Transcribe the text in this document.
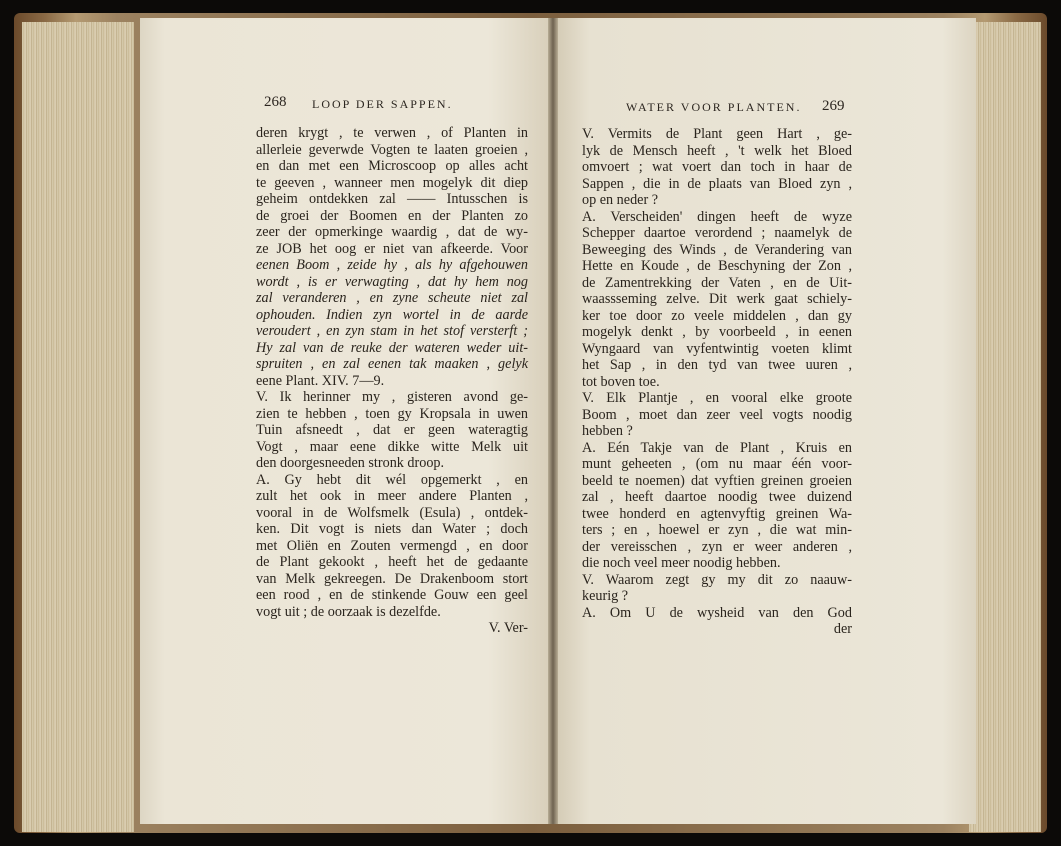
268 LOOP DER SAPPEN.	WATER VOOR PLANTEN. 269
deren krygt , te verwen , of Planten in
allerleie geverwde Vogten te laaten groeien ,
en dan met een Microscoop op alles acht
te geeven , wanneer men mogelyk dit diep
geheim ontdekken zal —— Intusschen is
de groei der Boomen en der Planten zo
zeer der opmerkinge waardig , dat de wy-
ze JOB het oog er niet van afkeerde. Voor
eenen Boom , zeide hy , als hy afgehouwen
wordt , is er verwagting , dat hy hem nog
zal veranderen , en zyne scheute niet zal
ophouden. Indien zyn wortel in de aarde
veroudert , en zyn stam in het stof versterft ;
Hy zal van de reuke der wateren weder uit-
spruiten , en zal eenen tak maaken , gelyk
eene Plant. XIV. 7—9.
V. Ik herinner my , gisteren avond ge-
zien te hebben , toen gy Kropsala in uwen
Tuin afsneedt , dat er geen wateragtig
Vogt , maar eene dikke witte Melk uit
den doorgesneeden stronk droop.
A. Gy hebt dit wél opgemerkt , en
zult het ook in meer andere Planten ,
vooral in de Wolfsmelk (Esula) , ontdek-
ken. Dit vogt is niets dan Water ; doch
met Oliën en Zouten vermengd , en door
de Plant gekookt , heeft het de gedaante
van Melk gekreegen. De Drakenboom stort
een rood , en de stinkende Gouw een geel
vogt uit ; de oorzaak is dezelfde.
V. Ver-
V. Vermits de Plant geen Hart , ge-
lyk de Mensch heeft , 't welk het Bloed
omvoert ; wat voert dan toch in haar de
Sappen , die in de plaats van Bloed zyn ,
op en neder ?
A. Verscheiden' dingen heeft de wyze
Schepper daartoe verordend ; naamelyk de
Beweeging des Winds , de Verandering van
Hette en Koude , de Beschyning der Zon ,
de Zamentrekking der Vaten , en de Uit-
waassseming zelve. Dit werk gaat schiely-
ker toe door zo veele middelen , dan gy
mogelyk denkt , by voorbeeld , in eenen
Wyngaard van vyfentwintig voeten klimt
het Sap , in den tyd van twee uuren ,
tot boven toe.
V. Elk Plantje , en vooral elke groote
Boom , moet dan zeer veel vogts noodig
hebben ?
A. Eén Takje van de Plant , Kruis en
munt geheeten , (om nu maar één voor-
beeld te noemen) dat vyftien greinen groeien
zal , heeft daartoe noodig twee duizend
twee honderd en agtenvyftig greinen Wa-
ters ; en , hoewel er zyn , die wat min-
der vereisschen , zyn er weer anderen ,
die noch veel meer noodig hebben.
V. Waarom zegt gy my dit zo naauw-
keurig ?
A. Om U de wysheid van den God
der
